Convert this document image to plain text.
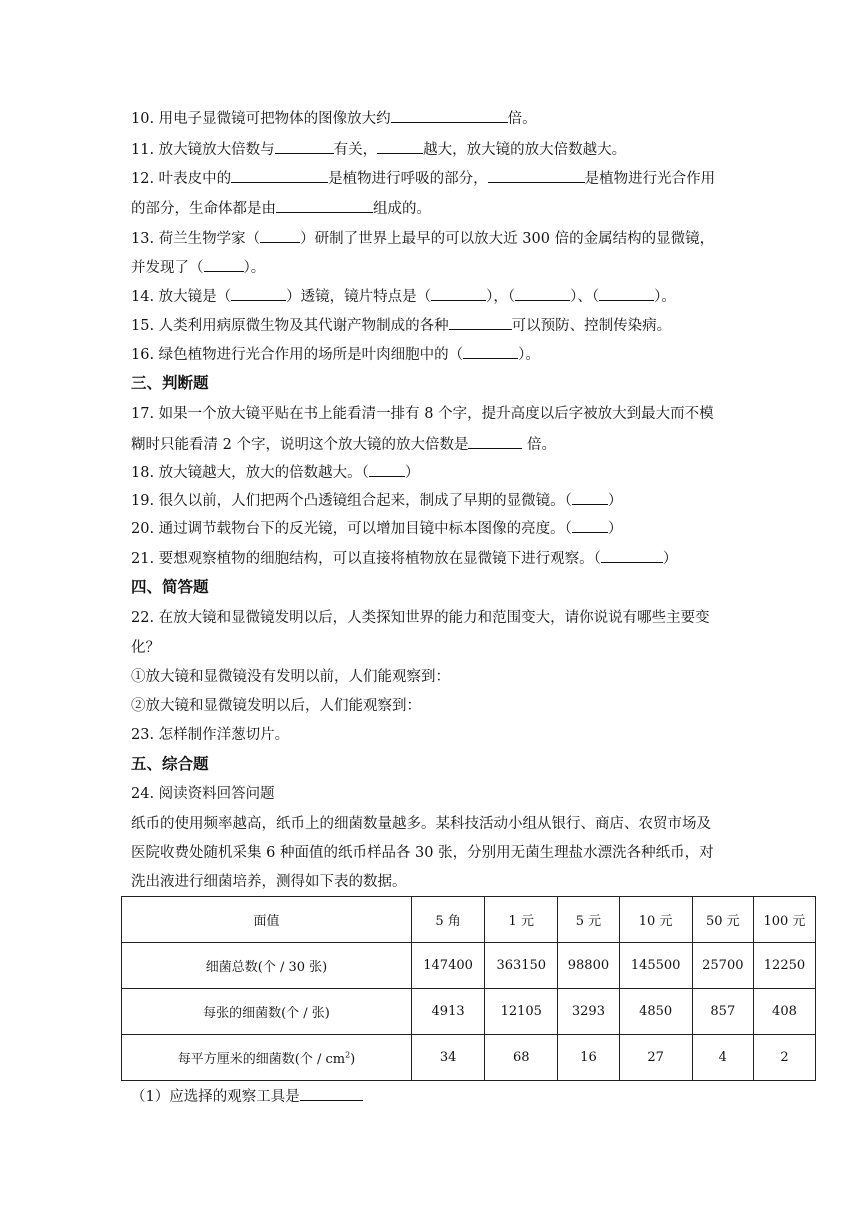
10. 用电子显微镜可把物体的图像放大约	倍。
11. 放大镜放大倍数与	有关，	越大，放大镜的放大倍数越大。
12. 叶表皮中的	是植物进行呼吸的部分，	是植物进行光合作用
的部分，生命体都是由	组成的。
13. 荷兰生物学家（	）研制了世界上最早的可以放大近 300 倍的金属结构的显微镜，
并发现了（	）。
14. 放大镜是（	）透镜，镜片特点是（	），（	）、（	）。
15. 人类利用病原微生物及其代谢产物制成的各种	可以预防、控制传染病。
16. 绿色植物进行光合作用的场所是叶肉细胞中的（	）。
三、判断题
17. 如果一个放大镜平贴在书上能看清一排有 8 个字，提升高度以后字被放大到最大而不模
糊时只能看清 2 个字，说明这个放大镜的放大倍数是	倍。
18. 放大镜越大，放大的倍数越大。（ ）
19. 很久以前，人们把两个凸透镜组合起来，制成了早期的显微镜。（ ）
20. 通过调节载物台下的反光镜，可以增加目镜中标本图像的亮度。（ ）
21. 要想观察植物的细胞结构，可以直接将植物放在显微镜下进行观察。（	）
四、简答题
22. 在放大镜和显微镜发明以后，人类探知世界的能力和范围变大，请你说说有哪些主要变
化？
①放大镜和显微镜没有发明以前，人们能观察到：
②放大镜和显微镜发明以后，人们能观察到：
23. 怎样制作洋葱切片。
五、综合题
24. 阅读资料回答问题
纸币的使用频率越高，纸币上的细菌数量越多。某科技活动小组从银行、商店、农贸市场及
医院收费处随机采集 6 种面值的纸币样品各 30 张，分别用无菌生理盐水漂洗各种纸币，对
洗出液进行细菌培养，测得如下表的数据。
面值	5 角	1 元	5 元	10 元	50 元	100 元
细菌总数(个 / 30 张)	147400	363150	98800	145500	25700	12250
每张的细菌数(个 / 张)	4913	12105	3293	4850	857	408
每平方厘米的细菌数(个 / $cm^2$)	34	68	16	27	4	2
（1）应选择的观察工具是
